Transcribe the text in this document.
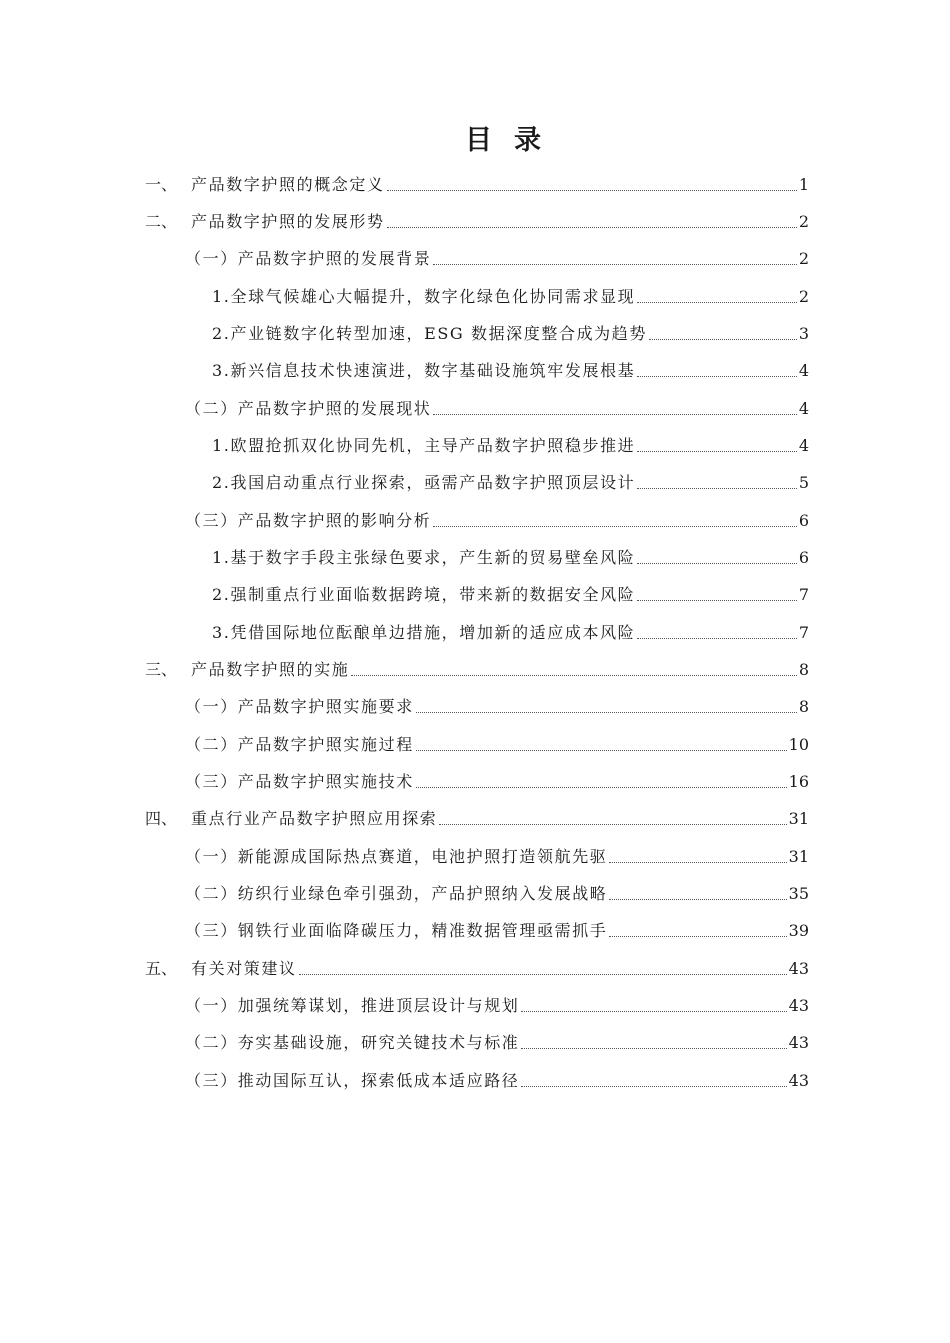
目 录
一、 产品数字护照的概念定义	1
二、 产品数字护照的发展形势	2
（一）产品数字护照的发展背景	2
1.全球气候雄心大幅提升，数字化绿色化协同需求显现	2
2.产业链数字化转型加速，ESG 数据深度整合成为趋势	3
3.新兴信息技术快速演进，数字基础设施筑牢发展根基	4
（二）产品数字护照的发展现状	4
1.欧盟抢抓双化协同先机，主导产品数字护照稳步推进	4
2.我国启动重点行业探索，亟需产品数字护照顶层设计	5
（三）产品数字护照的影响分析	6
1.基于数字手段主张绿色要求，产生新的贸易壁垒风险	6
2.强制重点行业面临数据跨境，带来新的数据安全风险	7
3.凭借国际地位酝酿单边措施，增加新的适应成本风险	7
三、 产品数字护照的实施	8
（一）产品数字护照实施要求	8
（二）产品数字护照实施过程	10
（三）产品数字护照实施技术	16
四、 重点行业产品数字护照应用探索	31
（一）新能源成国际热点赛道，电池护照打造领航先驱	31
（二）纺织行业绿色牵引强劲，产品护照纳入发展战略	35
（三）钢铁行业面临降碳压力，精准数据管理亟需抓手	39
五、 有关对策建议	43
（一）加强统筹谋划，推进顶层设计与规划	43
（二）夯实基础设施，研究关键技术与标准	43
（三）推动国际互认，探索低成本适应路径	43
